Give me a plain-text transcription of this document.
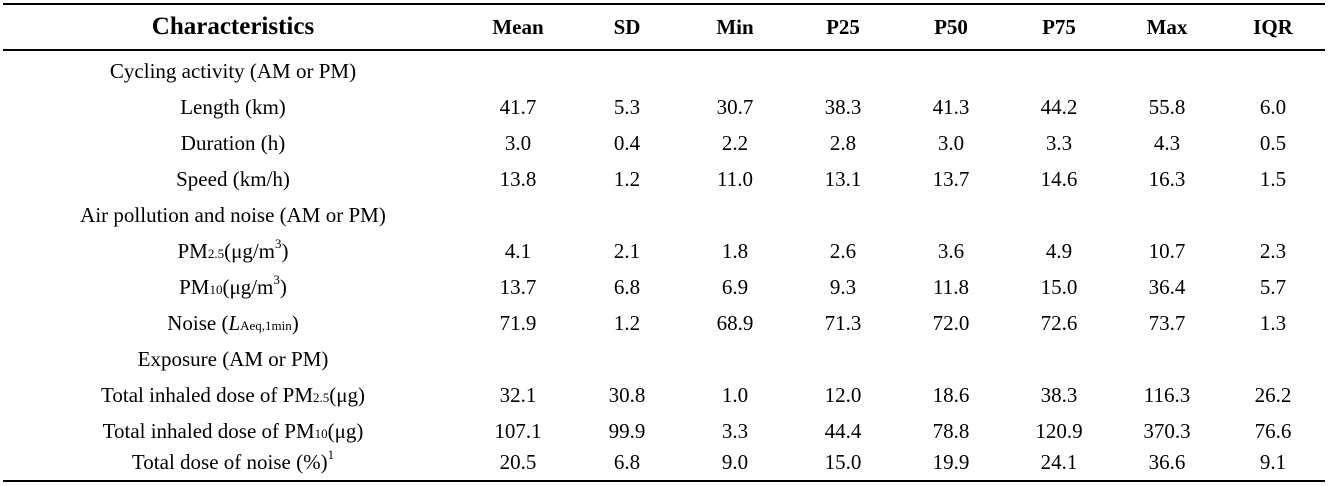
Characteristics	Mean	SD	Min	P25	P50	P75	Max	IQR
Cycling activity (AM or PM)
Length (km)	41.7	5.3	30.7	38.3	41.3	44.2	55.8	6.0
Duration (h)	3.0	0.4	2.2	2.8	3.0	3.3	4.3	0.5
Speed (km/h)	13.8	1.2	11.0	13.1	13.7	14.6	16.3	1.5
Air pollution and noise (AM or PM)
$PM_{2.5}$ ($\mu g/m^3$ )	4.1	2.1	1.8	2.6	3.6	4.9	10.7	2.3
$PM_{10}$ ($\mu g/m^3$ )	13.7	6.8	6.9	9.3	11.8	15.0	36.4	5.7
Noise ( $L_{Aeq,1min}$ )	71.9	1.2	68.9	71.3	72.0	72.6	73.7	1.3
Exposure (AM or PM)
Total inhaled dose of $PM_{2.5}$ (μg)	32.1	30.8	1.0	12.0	18.6	38.3	116.3	26.2
Total inhaled dose of $PM_{10}$ (μg)	107.1	99.9	3.3	44.4	78.8	120.9	370.3	76.6
Total dose of noise (%)$^1$	20.5	6.8	9.0	15.0	19.9	24.1	36.6	9.1
